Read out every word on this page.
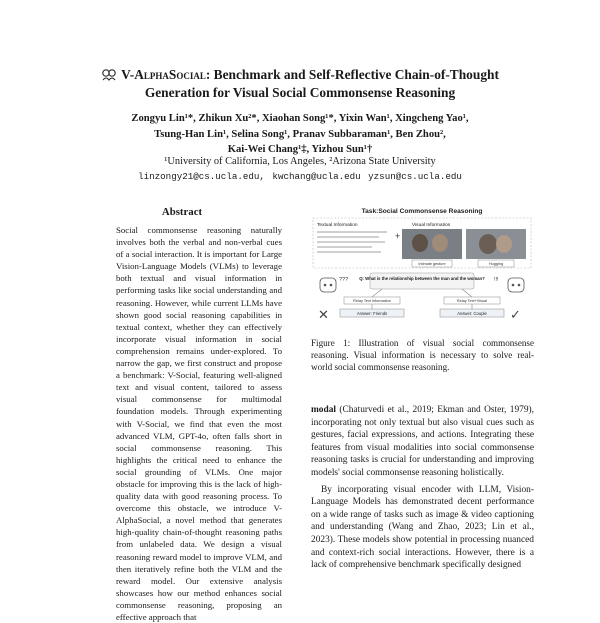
V-AlphaSocial: Benchmark and Self-Reflective Chain-of-Thought
Generation for Visual Social Commonsense Reasoning
Zongyu Lin¹*, Zhikun Xu²*, Xiaohan Song¹*, Yixin Wan¹, Xingcheng Yao¹,
Tsung-Han Lin¹, Selina Song¹, Pranav Subbaraman¹, Ben Zhou²,
Kai-Wei Chang¹‡, Yizhou Sun¹†
¹University of California, Los Angeles, ²Arizona State University
linzongy21@cs.ucla.edu, kwchang@ucla.edu yzsun@cs.ucla.edu
Abstract
Social commonsense reasoning naturally involves both the verbal and non-verbal cues of a social interaction. It is important for Large Vision-Language Models (VLMs) to leverage both textual and visual information in performing tasks like social understanding and reasoning. However, while current LLMs have shown good social reasoning capabilities in textual context, whether they can effectively incorporate visual information in social comprehension remains under-explored. To narrow the gap, we first construct and propose a benchmark: V-Social, featuring well-aligned text and visual content, tailored to assess visual commonsense for multimodal foundation models. Through experimenting with V-Social, we find that even the most advanced VLM, GPT-4o, often falls short in social commonsense reasoning. This highlights the critical need to enhance the social grounding of VLMs. One major obstacle for improving this is the lack of high-quality data with good reasoning process. To overcome this obstacle, we introduce V-AlphaSocial, a novel method that generates high-quality chain-of-thought reasoning paths from unlabeled data. We design a visual reasoning reward model to improve VLM, and then iteratively refine both the VLM and the reward model. Our extensive analysis showcases how our method enhances social commonsense reasoning, proposing an effective approach that
Task:Social Commonsense Reasoning
Textual Information
+
Visual Information
Intimate gesture	Hugging
???	Q: What is the relationship between the man and the woman? !!!
Relay Text Information	Relay Text+Visual
Answer: Friends	Answer: Couple
✕	✓
Figure 1: Illustration of visual social commonsense reasoning. Visual information is necessary to solve real-world social commonsense reasoning.

modal (Chaturvedi et al., 2019; Ekman and Oster, 1979), incorporating not only textual but also visual cues such as gestures, facial expressions, and actions. Integrating these features from visual modalities into social commonsense reasoning tasks is crucial for understanding and improving models' social commonsense reasoning holistically.

By incorporating visual encoder with LLM, Vision-Language Models has demonstrated decent performance on a wide range of tasks such as image & video captioning and understanding (Wang and Zhao, 2023; Lin et al., 2023). These models show potential in processing nuanced and context-rich social interactions. However, there is a lack of comprehensive benchmark specifically designed
